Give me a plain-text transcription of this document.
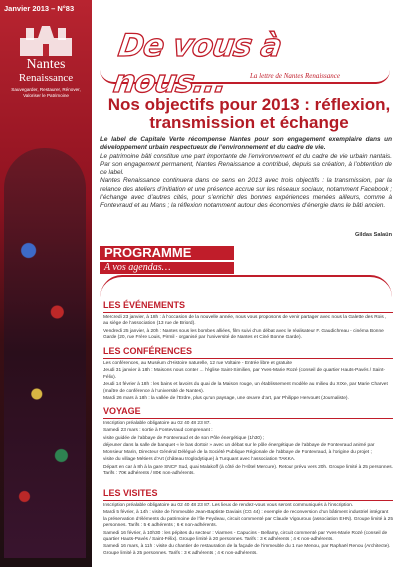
Janvier 2013 – N°83
Nantes
Renaissance
Sauvegarder, Restaurer, Rénover, Valoriser le Patrimoine
De vous à nous...	La lettre de Nantes Renaissance
Nos objectifs pour 2013 : réflexion, transmission et échange
Le label de Capitale Verte récompense Nantes pour son engagement exemplaire dans un développement urbain respectueux de l’environnement et du cadre de vie.
Le patrimoine bâti constitue une part importante de l’environnement et du cadre de vie urbain nantais. Par son engagement permanent, Nantes Renaissance a contribué, depuis sa création, à l’obtention de ce label.
Nantes Renaissance continuera dans ce sens en 2013 avec trois objectifs : la transmission, par la relance des ateliers d’initiation et une présence accrue sur les réseaux sociaux, notamment Facebook ; l’échange avec d’autres cités, pour s’enrichir des bonnes expériences menées ailleurs, comme à Fontevraud et au Mans ; la réflexion notamment autour des économies d’énergie dans le bâti ancien.
Gildas Salaün
PROGRAMME
A vos agendas…
LES ÉVÉNEMENTS

Mercredi 23 janvier, à 18h : à l’occasion de la nouvelle année, nous vous proposons de venir partager avec nous la Galette des Rois , au siège de l’association (13 rue de Briord).

Vendredi 25 janvier, à 20h : Nantes sous les bombes alliées, film suivi d’un débat avec le réalisateur F. Gaudichreau - cinéma Bonne Garde (20, rue Frère Louis, Pirmil - organisé par l’université de Nantes et Ciné Bonne Garde).

LES CONFÉRENCES

Les conférences, au Muséum d’Histoire naturelle, 12 rue Voltaire - Entrée libre et gratuite

Jeudi 31 janvier à 18h : Maisons nous conter ... l’église Saint-Similien, par Yves-Marie Rozé (conseil de quartier Hauts-Pavés / Saint-Félix).

Jeudi 14 février à 18h : les bains et lavoirs du quai de la Maison rouge, un établissement modèle au milieu du XIXe, par Marie Charvet (maître de conférence à l’université de Nantes).

Mardi 26 mars à 18h : la vallée de l’Erdre, plus qu’un paysage, une œuvre d’art, par Philippe Hervouët (Journaliste).

VOYAGE

Inscription préalable obligatoire au 02 40 48 23 87.

Samedi 23 mars : sortie à Fontevraud comprenant :

visite guidée de l’abbaye de Fontevraud et de son Pôle énergétique (1h30) ;

déjeuner dans la salle de banquet « le bas dortoir » avec un débat sur le pôle énergétique de l’abbaye de Fontevraud animé par Monsieur Marin, Directeur Général Délégué de la Société Publique Régionale de l’abbaye de Fontevraud, à l’origine du projet ;

visite du village Métiers d’Art (château troglodytique) à Turquant avec l’association TAKKA.

Départ en car à 8h à la gare SNCF Sud, quai Malakoff (à côté de l’Hôtel Mercure). Retour prévu vers 20h. Groupe limité à 25 personnes. Tarifs : 70€ adhérents / 80€ non-adhérents.

LES VISITES

Inscription préalable obligatoire au 02 40 48 23 87. Les lieux de rendez-vous vous seront communiqués à l’inscription.

Mardi 5 février, à 14h : visite de l’immeuble Jean-Baptiste Daviais (CG 44) : exemple de reconversion d’un bâtiment industriel intégrant la préservation d’éléments du patrimoine de l’île Feydeau, circuit commenté par Claude Vigouroux (association EHN). Groupe limité à 25 personnes. Tarifs : 5 € adhérents ; 6 € non-adhérents.

Samedi 16 février, à 10h30 : les pépites du secteur : Viarmes - Capucins - Bellamy, circuit commenté par Yves-Marie Rozé (conseil de quartier Hauts-Pavés / Saint-Félix). Groupe limité à 20 personnes. Tarifs : 3 € adhérents ; 4 € non-adhérents.

Samedi 16 mars, à 11h : visite du chantier de restauration de la façade de l’immeuble du 1 rue Menou, par Raphaël Renou (Architecte). Groupe limité à 25 personnes. Tarifs : 3 € adhérents ; 4 € non-adhérents.
